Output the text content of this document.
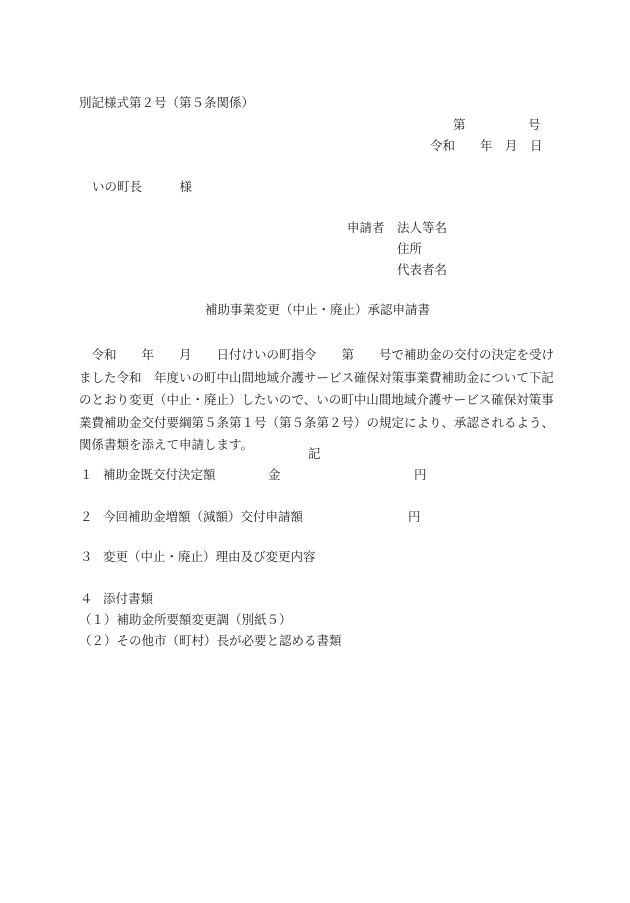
別記様式第２号（第５条関係）
第　　　　　号
令和　　年　月　日
いの町長　　　様
申請者 法人等名
住所
代表者名
補助事業変更（中止・廃止）承認申請書
　令和　　年　　月　　日付けいの町指令　　第　　号で補助金の交付の決定を受け
ました令和　年度いの町中山間地域介護サービス確保対策事業費補助金について下記
のとおり変更（中止・廃止）したいので、いの町中山間地域介護サービス確保対策事
業費補助金交付要綱第５条第１号（第５条第２号）の規定により、承認されるよう、
関係書類を添えて申請します。
記
１ 補助金既交付決定額	金	円
２ 今回補助金増額（減額）交付申請額	円
３ 変更（中止・廃止）理由及び変更内容
４ 添付書類
（１）補助金所要額変更調（別紙５）
（２）その他市（町村）長が必要と認める書類
